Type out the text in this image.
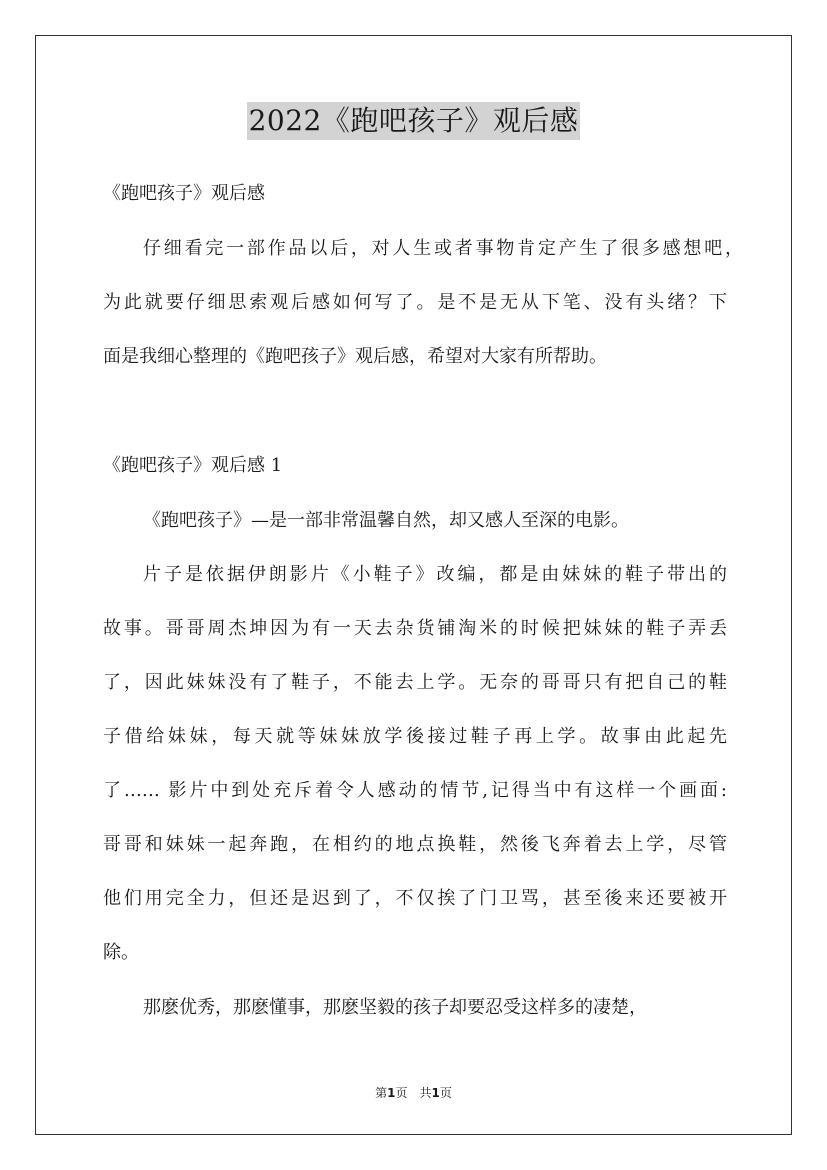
2022《跑吧孩子》观后感
《跑吧孩子》观后感
仔细看完一部作品以后，对人生或者事物肯定产生了很多感想吧，
为此就要仔细思索观后感如何写了。是不是无从下笔、没有头绪？下
面是我细心整理的《跑吧孩子》观后感，希望对大家有所帮助。
《跑吧孩子》观后感 1
《跑吧孩子》—是一部非常温馨自然，却又感人至深的电影。
片子是依据伊朗影片《小鞋子》改编，都是由妹妹的鞋子带出的
故事。哥哥周杰坤因为有一天去杂货铺淘米的时候把妹妹的鞋子弄丢
了，因此妹妹没有了鞋子，不能去上学。无奈的哥哥只有把自己的鞋
子借给妹妹，每天就等妹妹放学後接过鞋子再上学。故事由此起先
了…… 影片中到处充斥着令人感动的情节,记得当中有这样一个画面:
哥哥和妹妹一起奔跑，在相约的地点换鞋，然後飞奔着去上学，尽管
他们用完全力，但还是迟到了，不仅挨了门卫骂，甚至後来还要被开
除。
那麽优秀，那麽懂事，那麽坚毅的孩子却要忍受这样多的凄楚，
第1页　共1页
